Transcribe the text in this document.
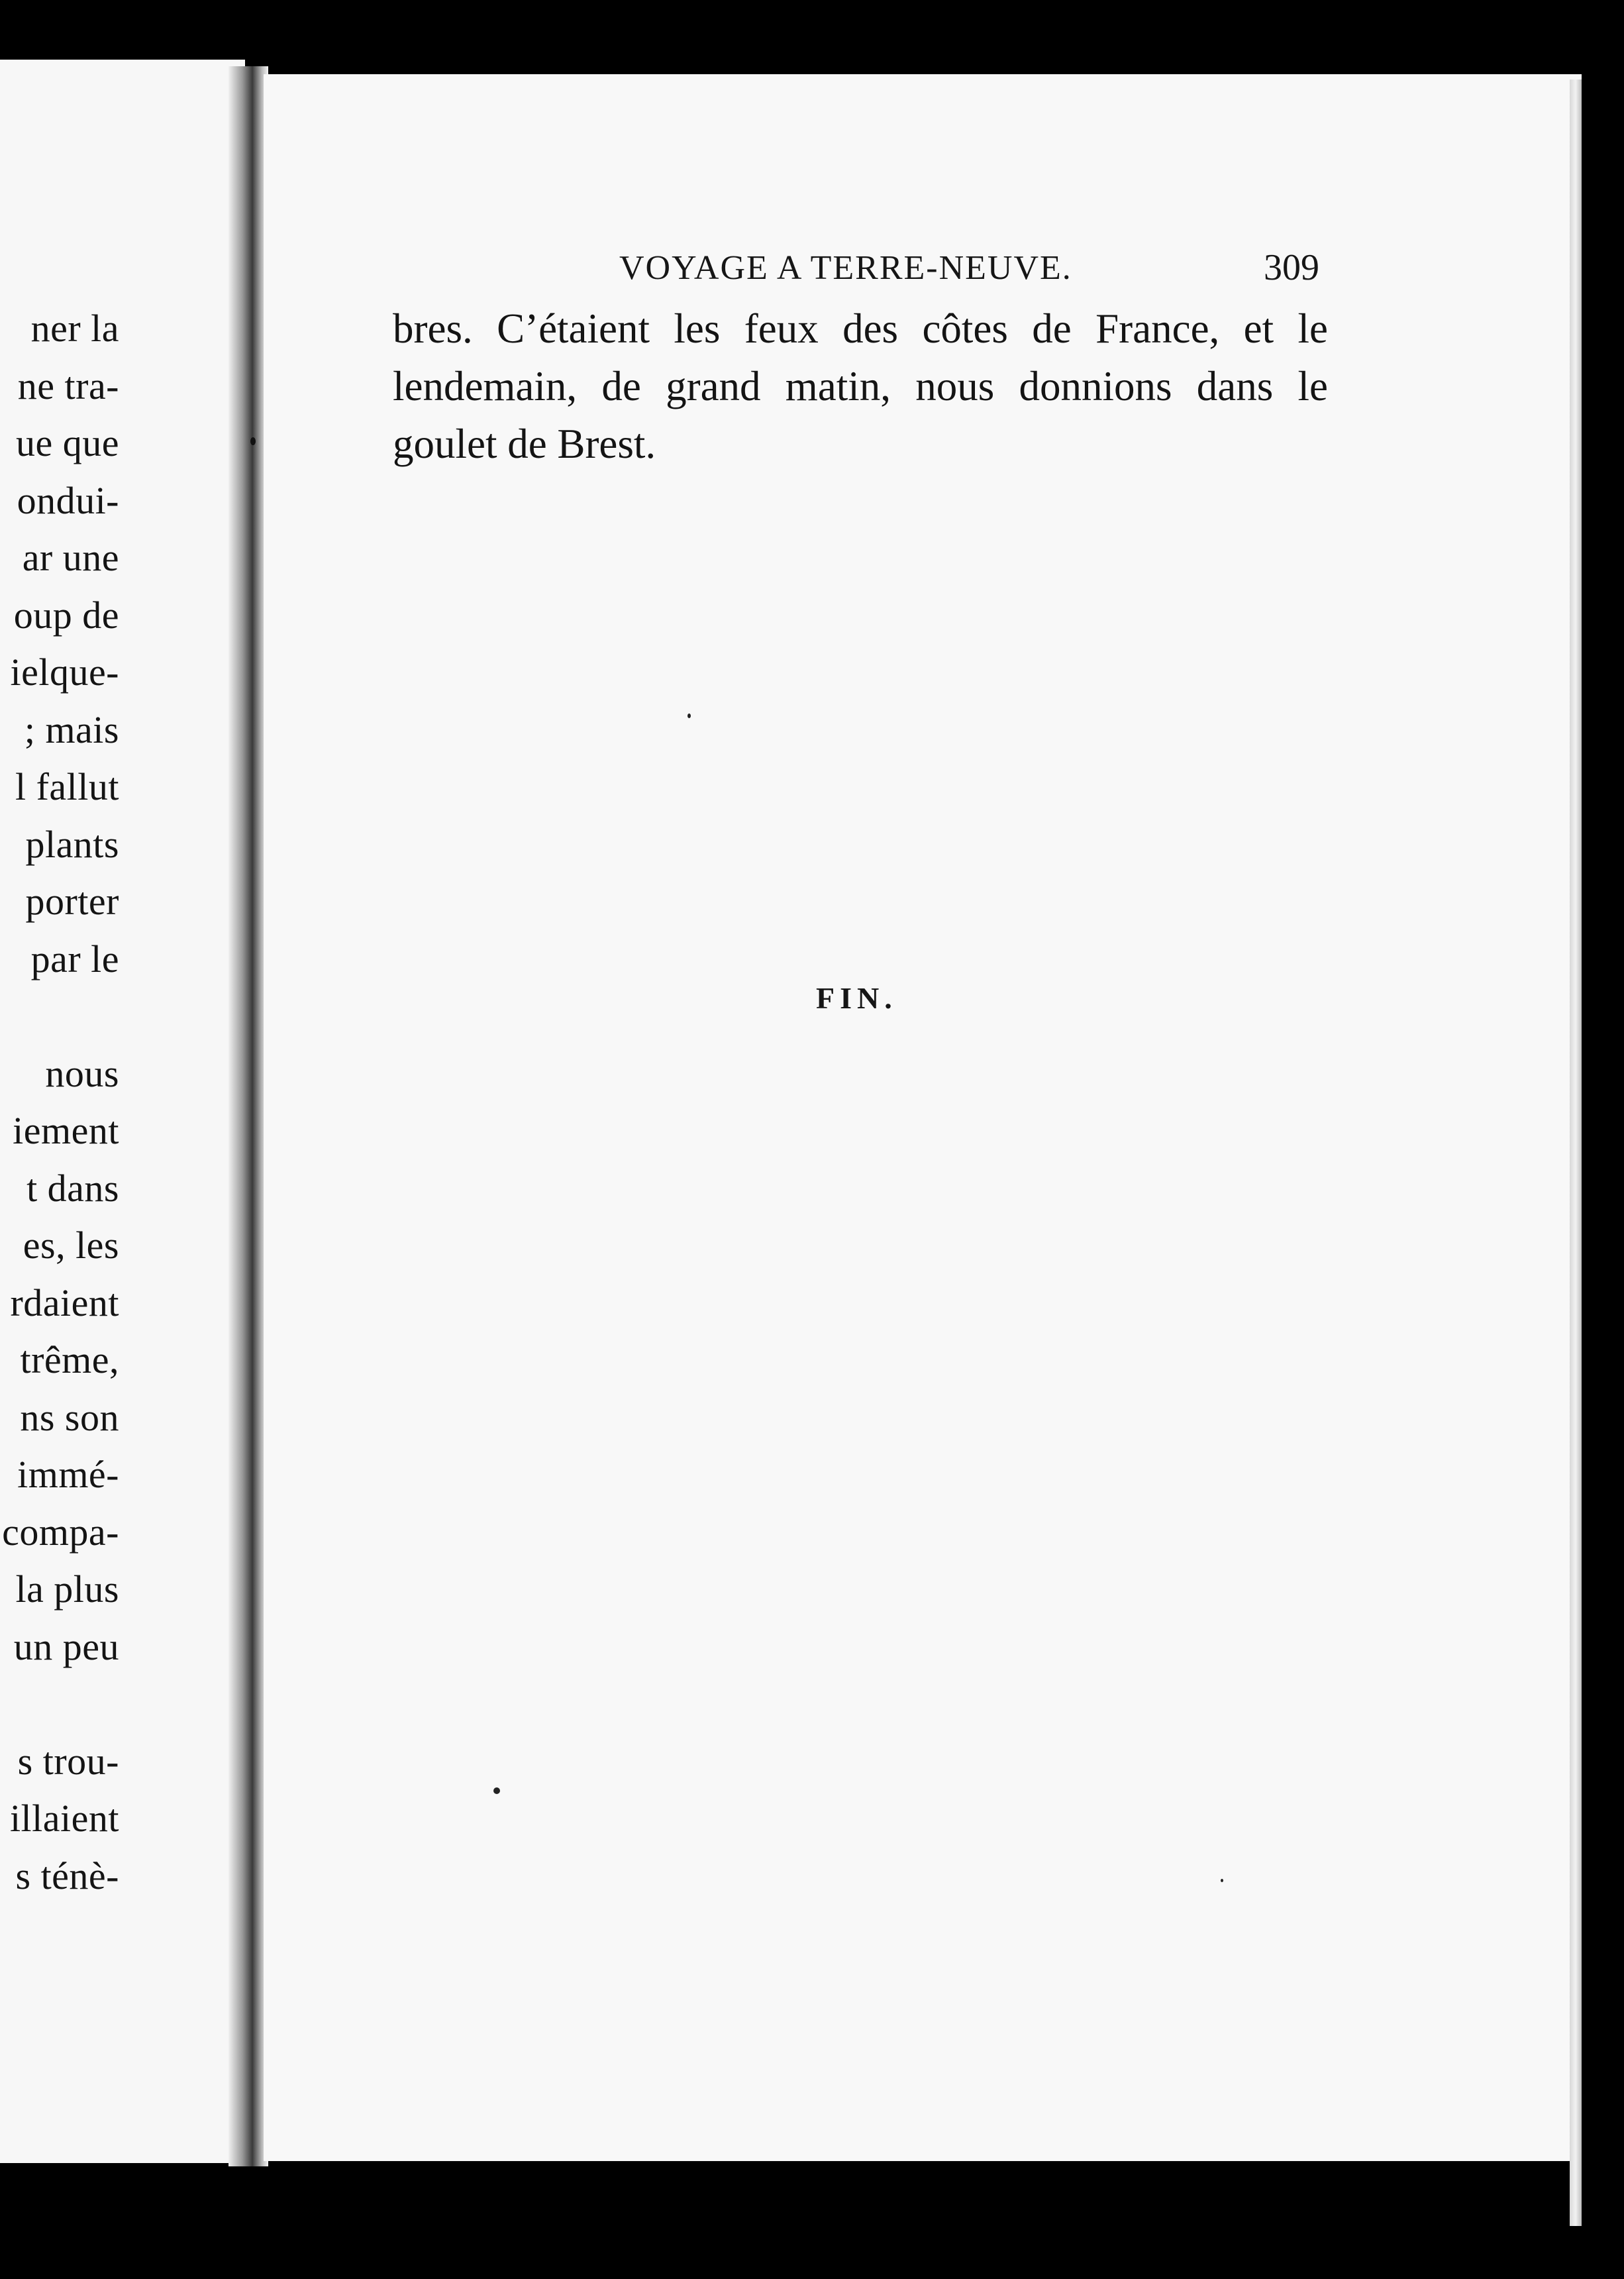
ner la
ne tra-
ue que
ondui-
ar une
oup de
ielque-
; mais
l fallut
plants
porter
par le
nous
iement
t dans
es, les
rdaient
trême,
ns son
immé-
compa-
la plus
un peu
s trou-
illaient
s ténè-
VOYAGE A TERRE-NEUVE.	309
bres. C’étaient les feux des côtes de France, et le
lendemain, de grand matin, nous donnions dans le
goulet de Brest.
FIN.
